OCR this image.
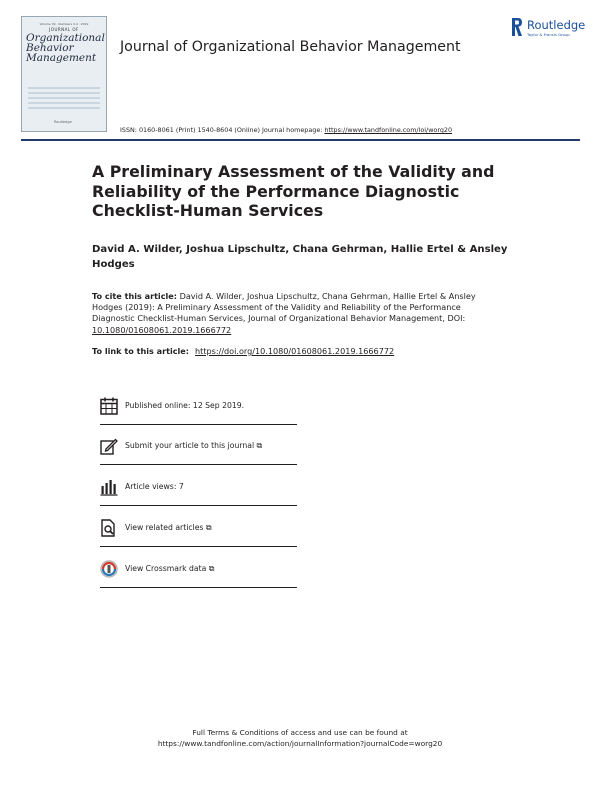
Volume 39 · Numbers 3-4 · 2019
JOURNAL OF
Organizational
Behavior
Management
Routledge
Journal of Organizational Behavior Management
Routledge
Taylor & Francis Group
ISSN: 0160-8061 (Print) 1540-8604 (Online) Journal homepage: https://www.tandfonline.com/loi/worg20
A Preliminary Assessment of the Validity and Reliability of the Performance Diagnostic Checklist-Human Services
David A. Wilder, Joshua Lipschultz, Chana Gehrman, Hallie Ertel & Ansley Hodges
To cite this article: David A. Wilder, Joshua Lipschultz, Chana Gehrman, Hallie Ertel & Ansley Hodges (2019): A Preliminary Assessment of the Validity and Reliability of the Performance Diagnostic Checklist-Human Services, Journal of Organizational Behavior Management, DOI: 10.1080/01608061.2019.1666772
To link to this article: https://doi.org/10.1080/01608061.2019.1666772
Published online: 12 Sep 2019.
Submit your article to this journal ⧉
Article views: 7
View related articles ⧉
View Crossmark data ⧉
Full Terms & Conditions of access and use can be found at
https://www.tandfonline.com/action/journalInformation?journalCode=worg20
